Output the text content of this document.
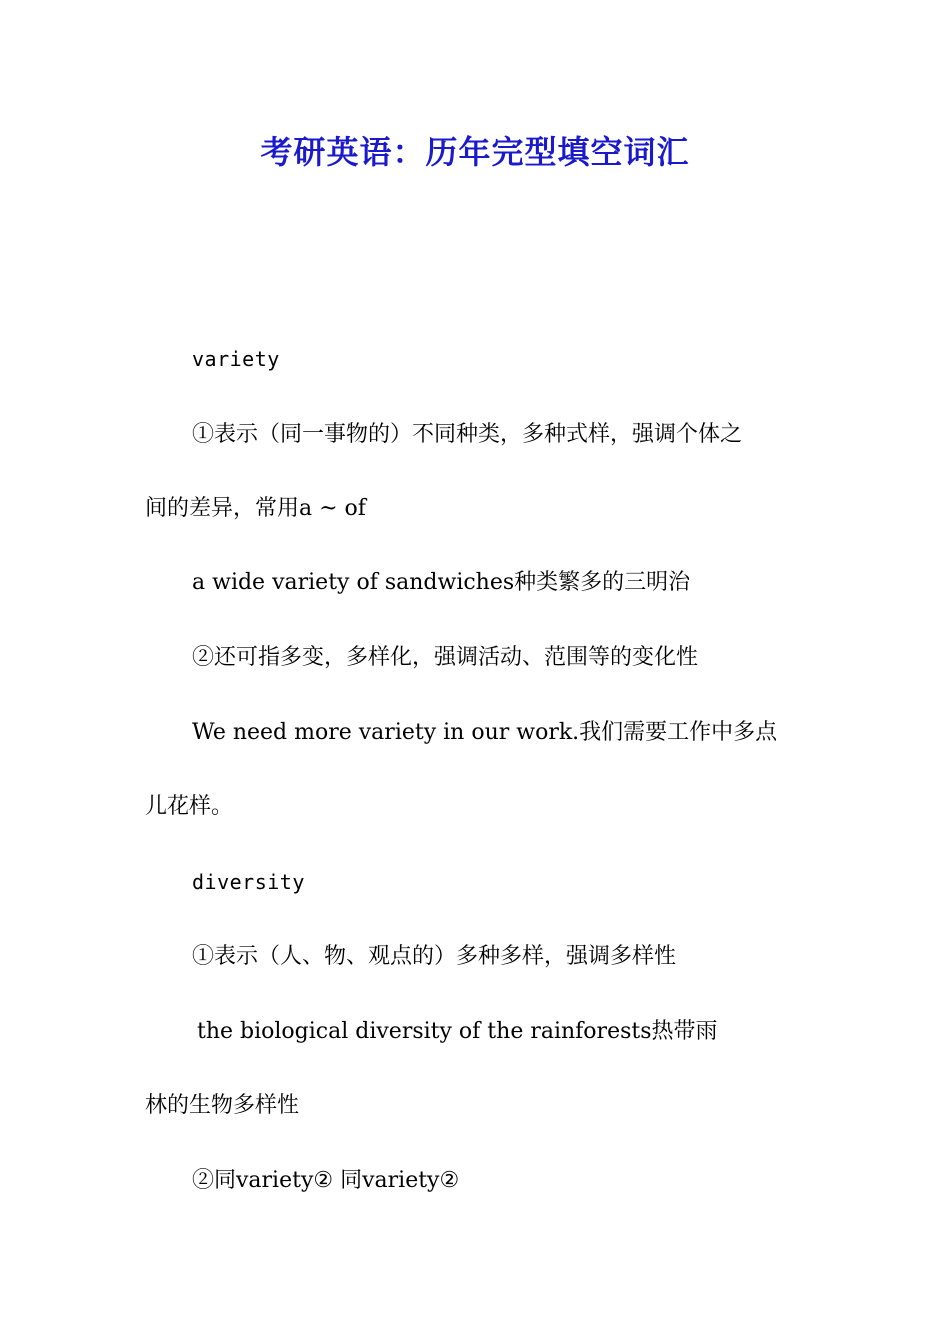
考研英语：历年完型填空词汇
variety
①表示（同一事物的）不同种类，多种式样，强调个体之
间的差异，常用a ~ of
a wide variety of sandwiches种类繁多的三明治
②还可指多变，多样化，强调活动、范围等的变化性
We need more variety in our work.我们需要工作中多点
儿花样。
diversity
①表示（人、物、观点的）多种多样，强调多样性
the biological diversity of the rainforests热带雨
林的生物多样性
②同variety② 同variety②
